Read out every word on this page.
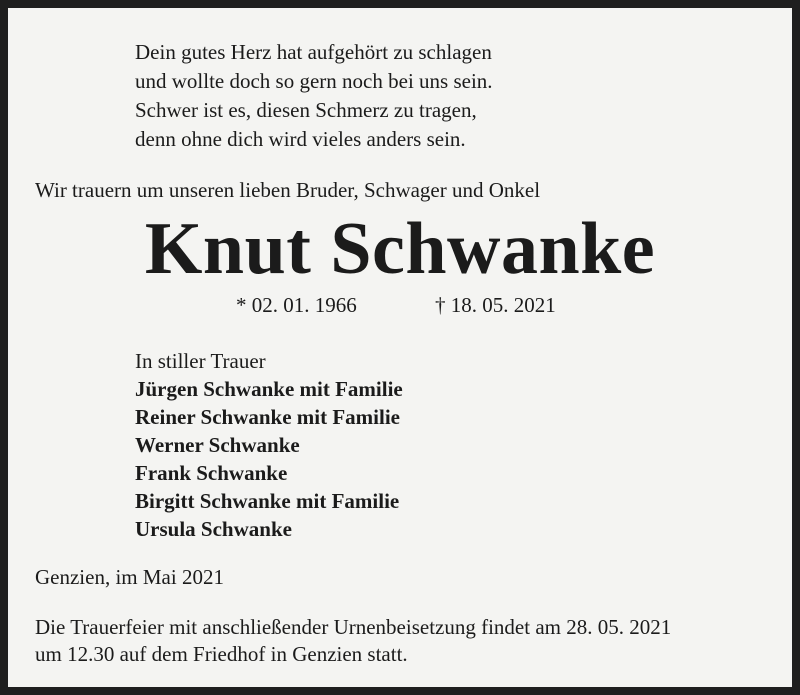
Dein gutes Herz hat aufgehört zu schlagen
und wollte doch so gern noch bei uns sein.
Schwer ist es, diesen Schmerz zu tragen,
denn ohne dich wird vieles anders sein.
Wir trauern um unseren lieben Bruder, Schwager und Onkel
Knut Schwanke
* 02. 01. 1966	† 18. 05. 2021
In stiller Trauer
Jürgen Schwanke mit Familie
Reiner Schwanke mit Familie
Werner Schwanke
Frank Schwanke
Birgitt Schwanke mit Familie
Ursula Schwanke
Genzien, im Mai 2021
Die Trauerfeier mit anschließender Urnenbeisetzung findet am 28. 05. 2021
um 12.30 auf dem Friedhof in Genzien statt.
